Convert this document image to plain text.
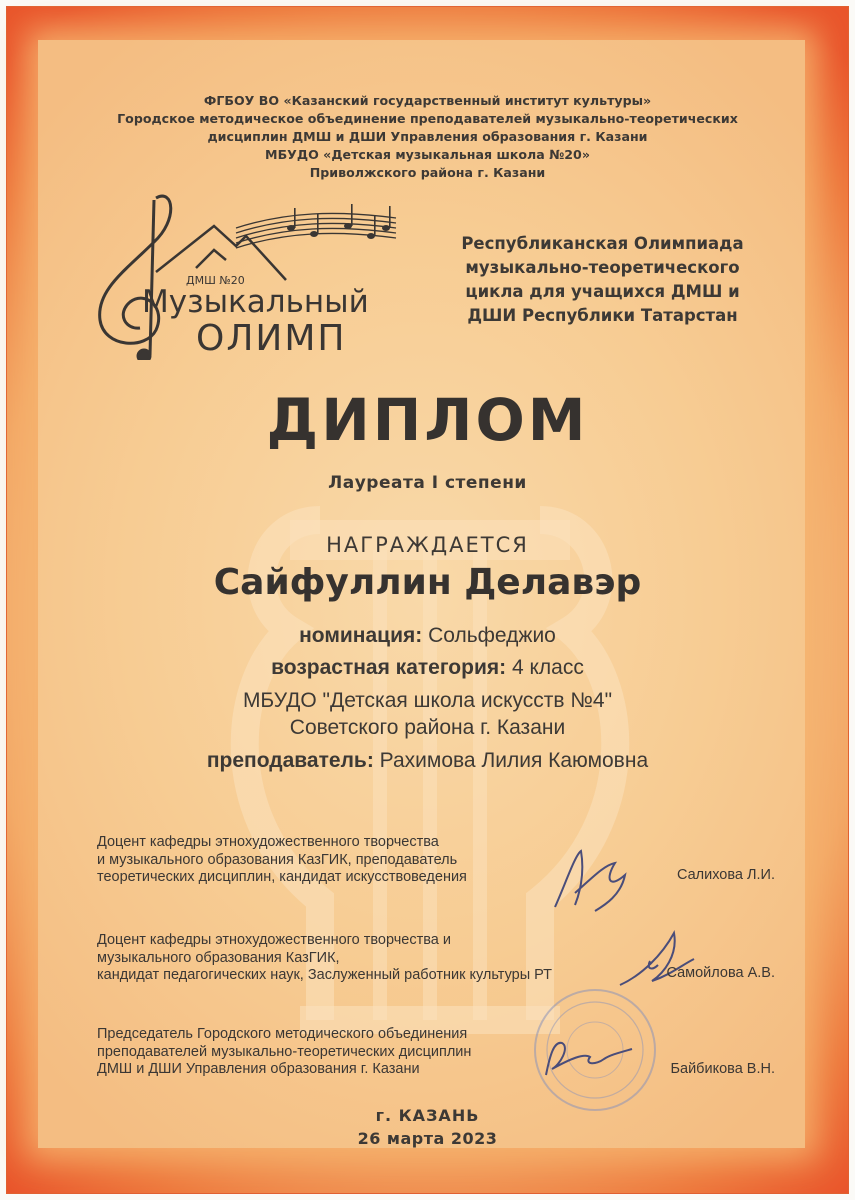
ФГБОУ ВО «Казанский государственный институт культуры»
Городское методическое объединение преподавателей музыкально-теоретических
дисциплин ДМШ и ДШИ Управления образования г. Казани
МБУДО «Детская музыкальная школа №20»
Приволжского района г. Казани
ДМШ №20
Музыкальный
ОЛИМП
Республиканская Олимпиада
музыкально-теоретического
цикла для учащихся ДМШ и
ДШИ Республики Татарстан
ДИПЛОМ
Лауреата I степени
НАГРАЖДАЕТСЯ
Сайфуллин Делавэр
номинация: Сольфеджио
возрастная категория: 4 класс
МБУДО "Детская школа искусств №4"
Советского района г. Казани
преподаватель: Рахимова Лилия Каюмовна
Доцент кафедры этнохудожественного творчества
и музыкального образования КазГИК, преподаватель
теоретических дисциплин, кандидат искусствоведения	Салихова Л.И.
Доцент кафедры этнохудожественного творчества и
музыкального образования КазГИК,
кандидат педагогических наук, Заслуженный работник культуры РТ	Самойлова А.В.
Председатель Городского методического объединения
преподавателей музыкально-теоретических дисциплин
ДМШ и ДШИ Управления образования г. Казани	Байбикова В.Н.
г. КАЗАНЬ
26 марта 2023
